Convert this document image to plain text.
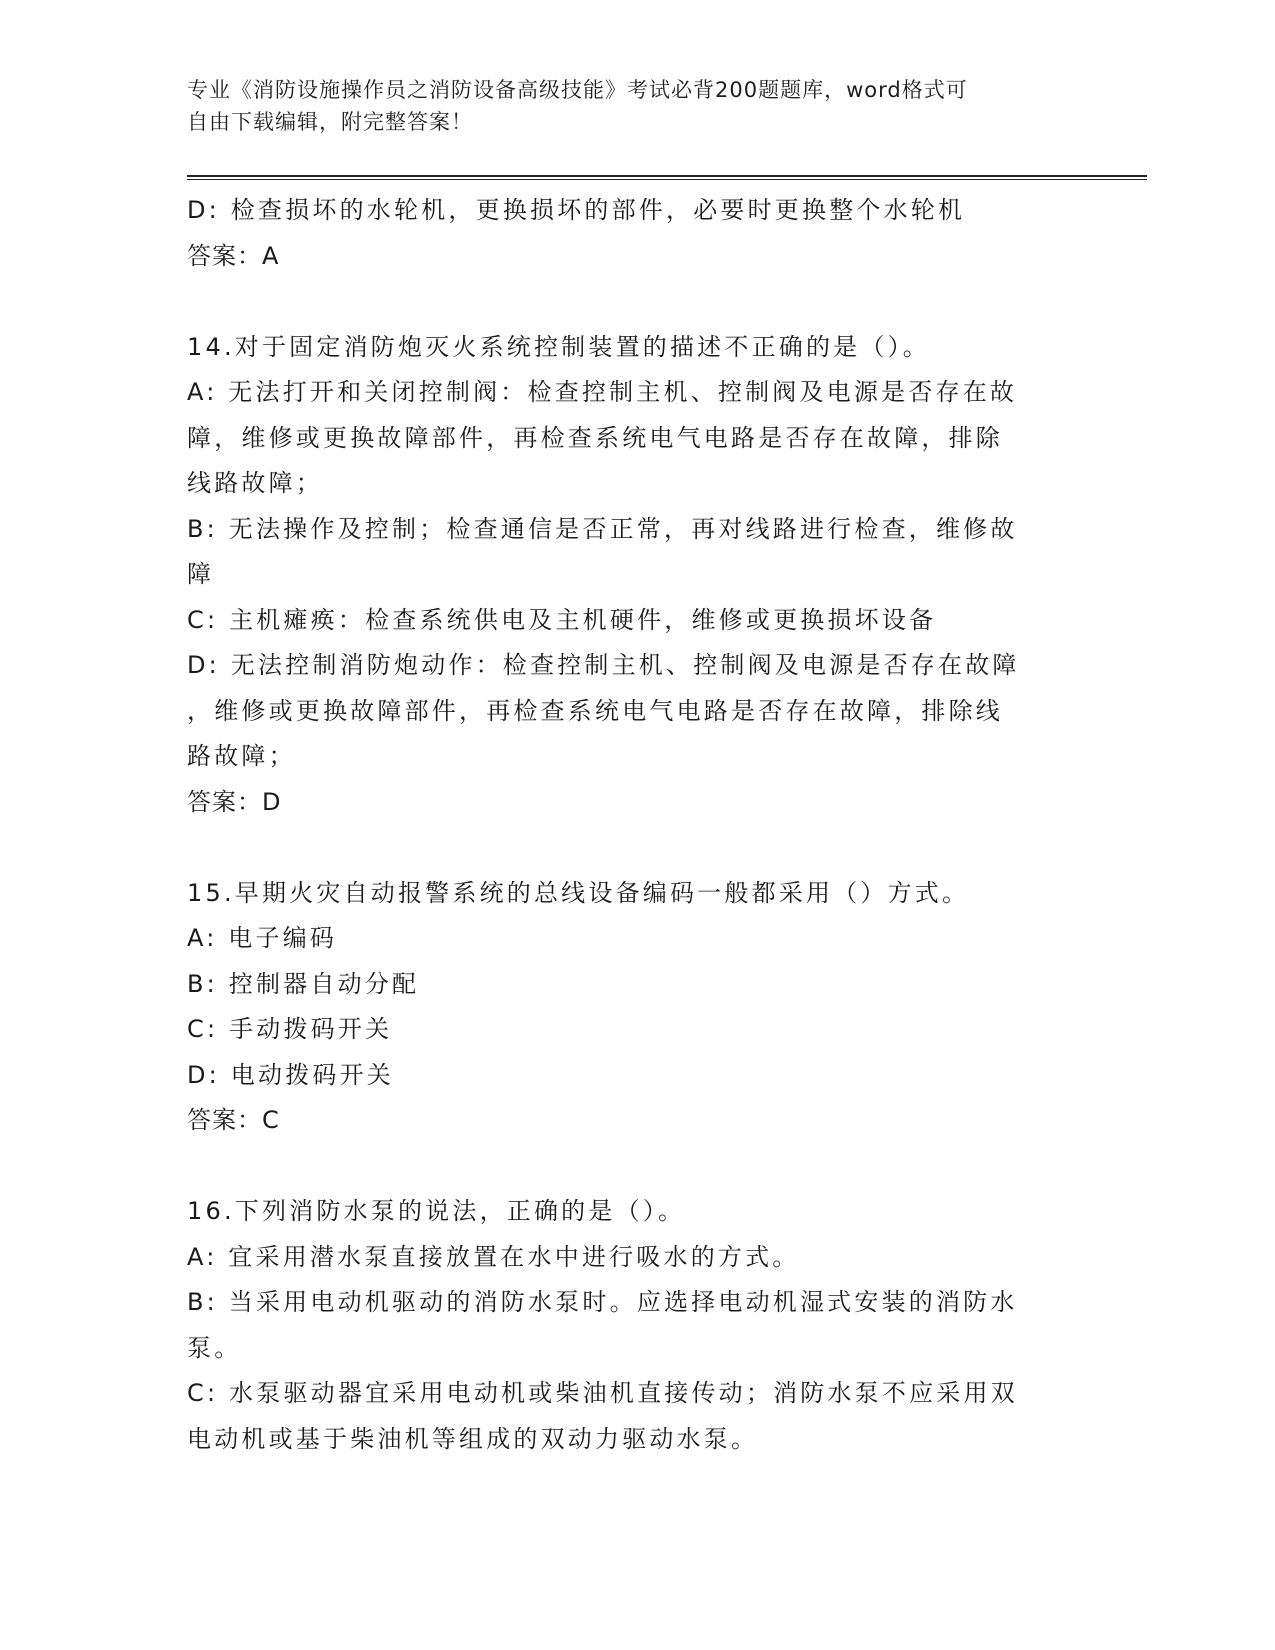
专业《消防设施操作员之消防设备高级技能》考试必背200题题库，word格式可
自由下载编辑，附完整答案！
D: 检查损坏的水轮机，更换损坏的部件，必要时更换整个水轮机
答案：A
14.对于固定消防炮灭火系统控制装置的描述不正确的是（）。
A: 无法打开和关闭控制阀：检查控制主机、控制阀及电源是否存在故
障，维修或更换故障部件，再检查系统电气电路是否存在故障，排除
线路故障；
B: 无法操作及控制；检查通信是否正常，再对线路进行检查，维修故
障
C: 主机瘫痪：检查系统供电及主机硬件，维修或更换损坏设备
D: 无法控制消防炮动作：检查控制主机、控制阀及电源是否存在故障
，维修或更换故障部件，再检查系统电气电路是否存在故障，排除线
路故障；
答案：D
15.早期火灾自动报警系统的总线设备编码一般都采用（）方式。
A: 电子编码
B: 控制器自动分配
C: 手动拨码开关
D: 电动拨码开关
答案：C
16.下列消防水泵的说法，正确的是（）。
A: 宜采用潜水泵直接放置在水中进行吸水的方式。
B: 当采用电动机驱动的消防水泵时。应选择电动机湿式安装的消防水
泵。
C: 水泵驱动器宜采用电动机或柴油机直接传动；消防水泵不应采用双
电动机或基于柴油机等组成的双动力驱动水泵。
